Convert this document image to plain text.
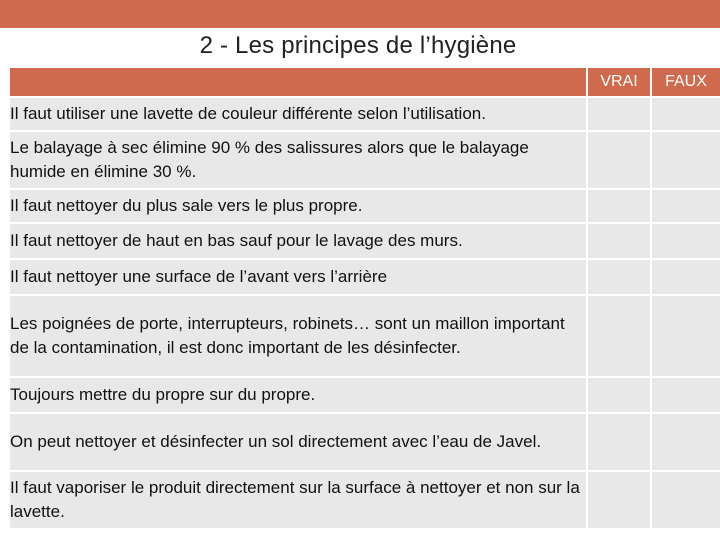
2 - Les principes de l’hygiène
	VRAI	FAUX
Il faut utiliser une lavette de couleur différente selon l’utilisation.		
Le balayage à sec élimine 90 % des salissures alors que le balayage humide en élimine 30 %.		
Il faut nettoyer du plus sale vers le plus propre.		
Il faut nettoyer de haut en bas sauf pour le lavage des murs.		
Il faut nettoyer une surface de l’avant vers l’arrière		
Les poignées de porte, interrupteurs, robinets… sont un maillon important de la contamination, il est donc important de les désinfecter.		
Toujours mettre du propre sur du propre.		
On peut nettoyer et désinfecter un sol directement avec l’eau de Javel.		
Il faut vaporiser le produit directement sur la surface à nettoyer et non sur la lavette.		
